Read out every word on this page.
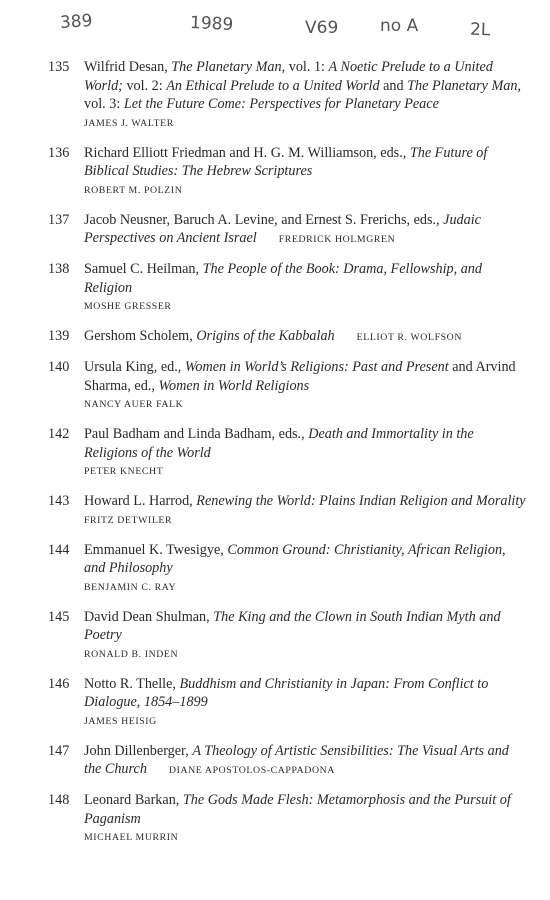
389	1989	V69 no A	2L
135	Wilfrid Desan, The Planetary Man, vol. 1: A Noetic Prelude to a United World; vol. 2: An Ethical Prelude to a United World and The Planetary Man, vol. 3: Let the Future Come: Perspectives for Planetary Peace
JAMES J. WALTER
136	Richard Elliott Friedman and H. G. M. Williamson, eds., The Future of Biblical Studies: The Hebrew Scriptures
ROBERT M. POLZIN
137	Jacob Neusner, Baruch A. Levine, and Ernest S. Frerichs, eds., Judaic Perspectives on Ancient Israel FREDRICK HOLMGREN
138	Samuel C. Heilman, The People of the Book: Drama, Fellowship, and Religion
MOSHE GRESSER
139	Gershom Scholem, Origins of the Kabbalah ELLIOT R. WOLFSON
140	Ursula King, ed., Women in World’s Religions: Past and Present and Arvind Sharma, ed., Women in World Religions
NANCY AUER FALK
142	Paul Badham and Linda Badham, eds., Death and Immortality in the Religions of the World
PETER KNECHT
143	Howard L. Harrod, Renewing the World: Plains Indian Religion and Morality
FRITZ DETWILER
144	Emmanuel K. Twesigye, Common Ground: Christianity, African Religion, and Philosophy
BENJAMIN C. RAY
145	David Dean Shulman, The King and the Clown in South Indian Myth and Poetry
RONALD B. INDEN
146	Notto R. Thelle, Buddhism and Christianity in Japan: From Conflict to Dialogue, 1854–1899
JAMES HEISIG
147	John Dillenberger, A Theology of Artistic Sensibilities: The Visual Arts and the Church DIANE APOSTOLOS-CAPPADONA
148	Leonard Barkan, The Gods Made Flesh: Metamorphosis and the Pursuit of Paganism
MICHAEL MURRIN
